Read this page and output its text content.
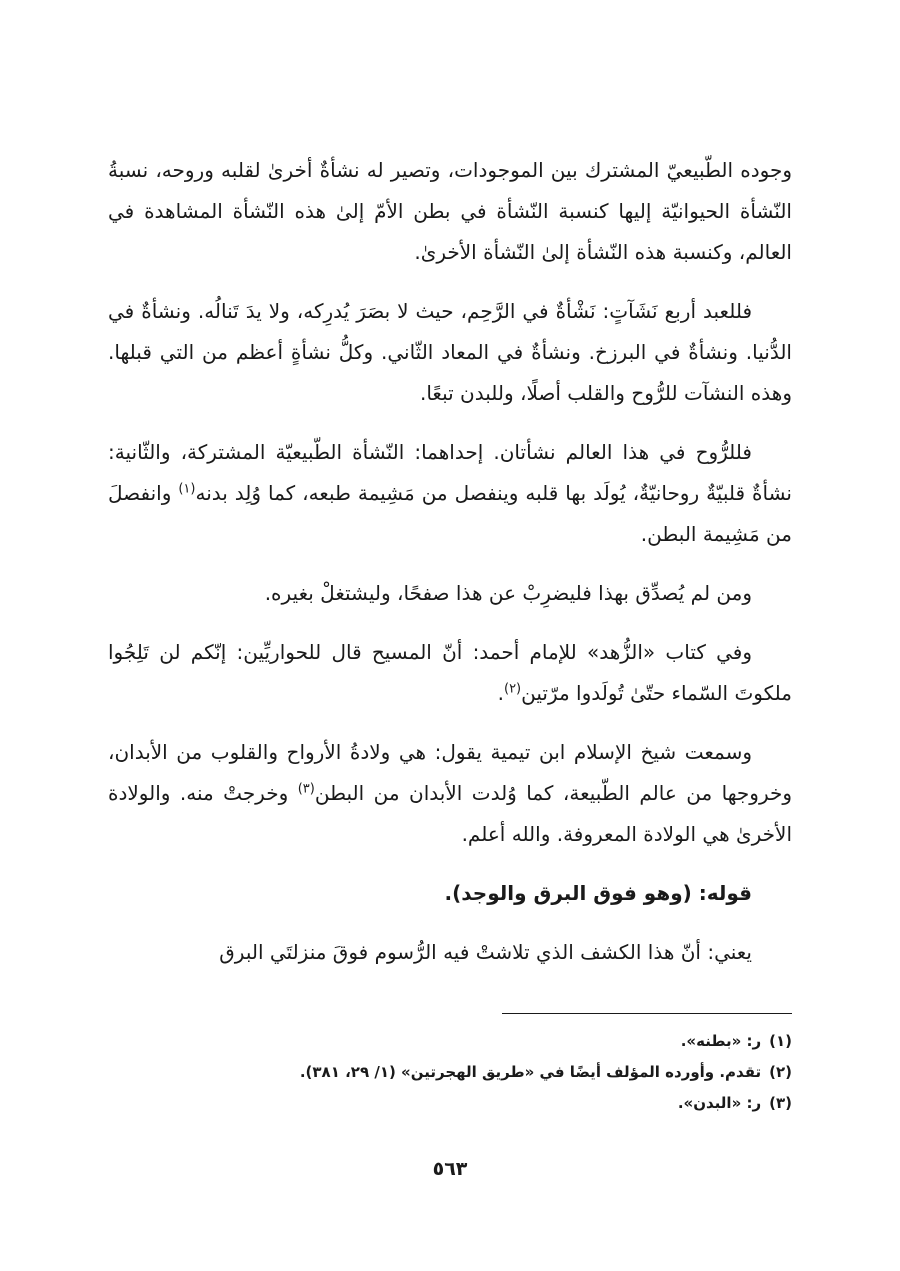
وجوده الطّبيعيّ المشترك بين الموجودات، وتصير له نشأةٌ أخرىٰ لقلبه وروحه، نسبةُ النّشأة الحيوانيّة إليها كنسبة النّشأة في بطن الأمّ إلىٰ هذه النّشأة المشاهدة في العالم، وكنسبة هذه النّشأة إلىٰ النّشأة الأخرىٰ.

فللعبد أربع نَشَآتٍ: نَشْأةٌ في الرَّحِم، حيث لا بصَرَ يُدرِكه، ولا يدَ تَنالُه. ونشأةٌ في الدُّنيا. ونشأةٌ في البرزخ. ونشأةٌ في المعاد الثّاني. وكلُّ نشأةٍ أعظم من التي قبلها. وهذه النشآت للرُّوح والقلب أصلًا، وللبدن تبعًا.

فللرُّوح في هذا العالم نشأتان. إحداهما: النّشأة الطّبيعيّة المشتركة، والثّانية: نشأةٌ قلبيّةٌ روحانيّةٌ، يُولَد بها قلبه وينفصل من مَشِيمة طبعه، كما وُلِد بدنه$^{(١)}$ وانفصلَ من مَشِيمة البطن.

ومن لم يُصدِّق بهذا فليضرِبْ عن هذا صفحًا، وليشتغلْ بغيره.

وفي كتاب «الزُّهد» للإمام أحمد: أنّ المسيح قال للحواريِّين: إنّكم لن تَلِجُوا ملكوتَ السّماء حتّىٰ تُولَدوا مرّتين$^{(٢)}$.

وسمعت شيخ الإسلام ابن تيمية يقول: هي ولادةُ الأرواح والقلوب من الأبدان، وخروجها من عالم الطّبيعة، كما وُلدت الأبدان من البطن$^{(٣)}$ وخرجتْ منه. والولادة الأخرىٰ هي الولادة المعروفة. والله أعلم.

قوله: (وهو فوق البرق والوجد).

يعني: أنّ هذا الكشف الذي تلاشتْ فيه الرُّسوم فوقَ منزلتَي البرق

(١)ر: «بطنه».

(٢)تقدم. وأورده المؤلف أيضًا في «طريق الهجرتين» (١/ ٢٩، ٣٨١).

(٣)ر: «البدن».

٥٦٣
